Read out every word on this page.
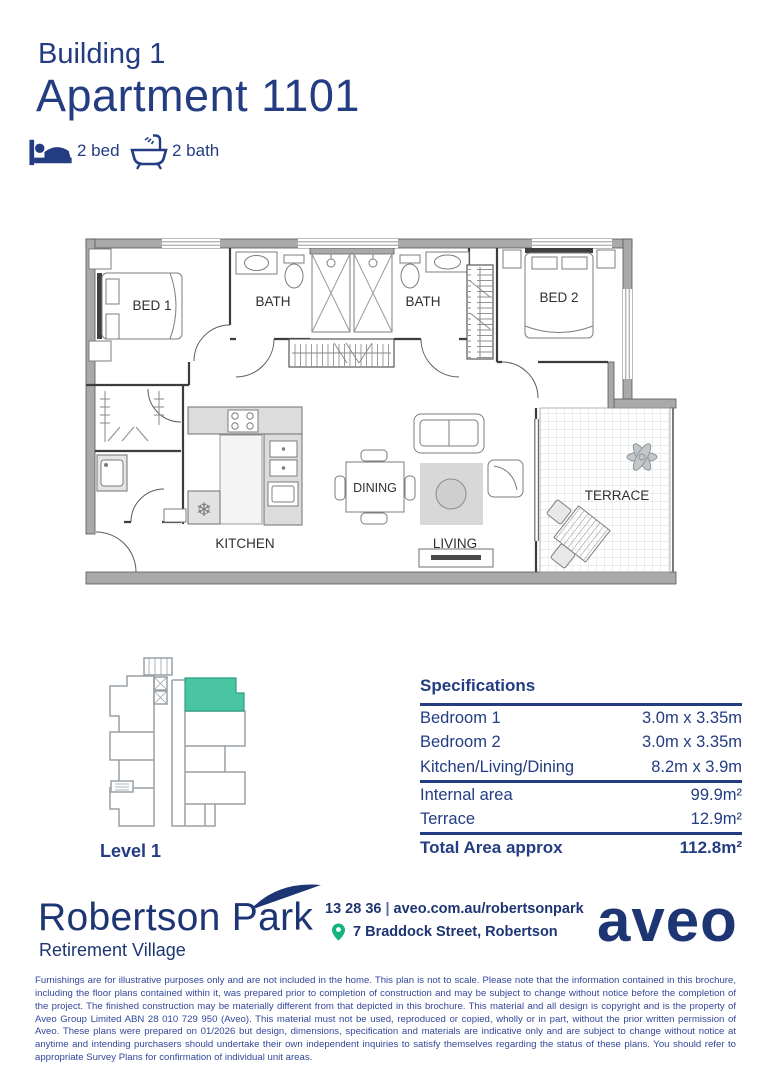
Building 1
Apartment 1101
2 bed	2 bath
❄
BED 1	BATH	BATH	BED 2
KITCHEN
DINING
LIVING
TERRACE
Level 1
Specifications
Bedroom 1	3.0m x 3.35m
Bedroom 2	3.0m x 3.35m
Kitchen/Living/Dining	8.2m x 3.9m
Internal area	99.9m²
Terrace	12.9m²
Total Area approx	112.8m²
Robertson Park
Retirement Village
13 28 36 | aveo.com.au/robertsonpark
7 Braddock Street, Robertson aveo
Furnishings are for illustrative purposes only and are not included in the home. This plan is not to scale. Please note that the information contained in this brochure, including the floor plans contained within it, was prepared prior to completion of construction and may be subject to change without notice before the completion of the project. The finished construction may be materially different from that depicted in this brochure. This material and all design is copyright and is the property of Aveo Group Limited ABN 28 010 729 950 (Aveo). This material must not be used, reproduced or copied, wholly or in part, without the prior written permission of Aveo. These plans were prepared on 01/2026 but design, dimensions, specification and materials are indicative only and are subject to change without notice at anytime and intending purchasers should undertake their own independent inquiries to satisfy themselves regarding the status of these plans. You should refer to appropriate Survey Plans for confirmation of individual unit areas.
